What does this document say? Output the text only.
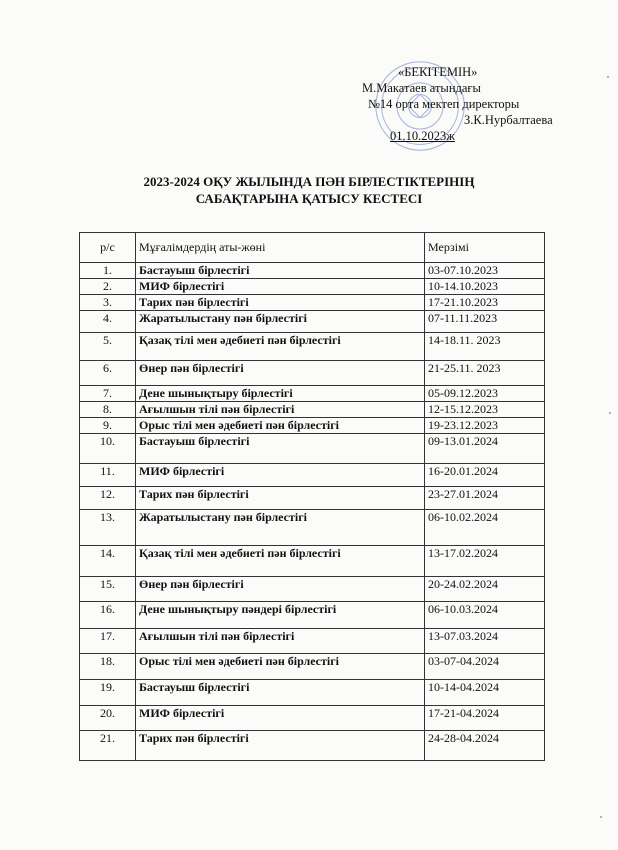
«БЕКІТЕМІН»
М.Макатаев атындағы
№14 орта мектеп директоры
З.К.Нурбалтаева
01.10.2023ж
2023-2024 ОҚУ ЖЫЛЫНДА ПӘН БІРЛЕСТІКТЕРІНІҢ
САБАҚТАРЫНА ҚАТЫСУ КЕСТЕСІ
р/с	Мұғалімдердің аты-жөні	Мерзімі
1.	Бастауыш бірлестігі	03-07.10.2023
2.	МИФ бірлестігі	10-14.10.2023
3.	Тарих пән бірлестігі	17-21.10.2023
4.	Жаратылыстану пән бірлестігі	07-11.11.2023
5.	Қазақ тілі мен әдебиеті пән бірлестігі	14-18.11. 2023
6.	Өнер пән бірлестігі	21-25.11. 2023
7.	Дене шынықтыру бірлестігі	05-09.12.2023
8.	Ағылшын тілі пән бірлестігі	12-15.12.2023
9.	Орыс тілі мен әдебиеті пән бірлестігі	19-23.12.2023
10.	Бастауыш бірлестігі	09-13.01.2024
11.	МИФ бірлестігі	16-20.01.2024
12.	Тарих пән бірлестігі	23-27.01.2024
13.	Жаратылыстану пән бірлестігі	06-10.02.2024
14.	Қазақ тілі мен әдебиеті пән бірлестігі	13-17.02.2024
15.	Өнер пән бірлестігі	20-24.02.2024
16.	Дене шынықтыру пәндері бірлестігі	06-10.03.2024
17.	Ағылшын тілі пән бірлестігі	13-07.03.2024
18.	Орыс тілі мен әдебиеті пән бірлестігі	03-07-04.2024
19.	Бастауыш бірлестігі	10-14-04.2024
20.	МИФ бірлестігі	17-21-04.2024
21.	Тарих пән бірлестігі	24-28-04.2024
